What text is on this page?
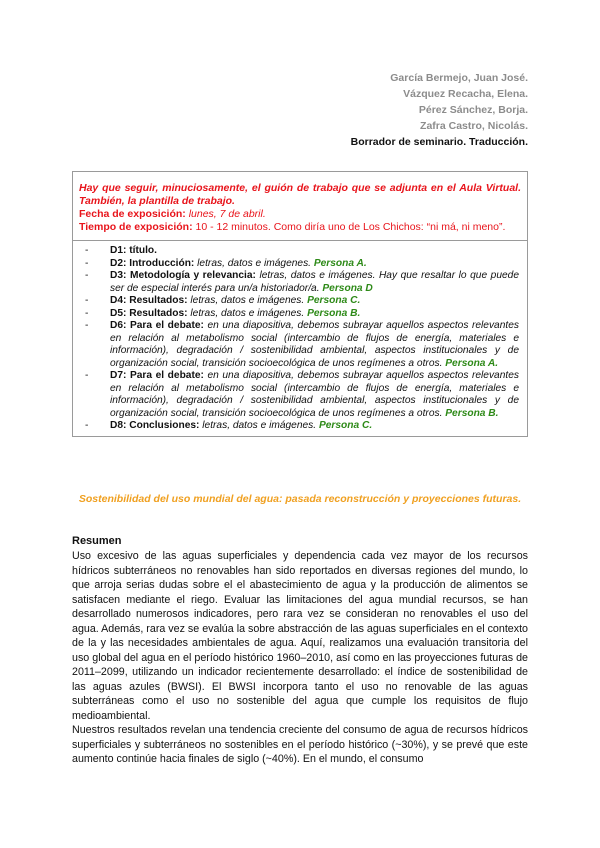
García Bermejo, Juan José.
Vázquez Recacha, Elena.
Pérez Sánchez, Borja.
Zafra Castro, Nicolás.
Borrador de seminario. Traducción.
Hay que seguir, minuciosamente, el guión de trabajo que se adjunta en el Aula Virtual. También, la plantilla de trabajo.
Fecha de exposición: lunes, 7 de abril.
Tiempo de exposición: 10 - 12 minutos. Como diría uno de Los Chichos: “ni má, ni meno”.
-	D1: título.
-	D2: Introducción: letras, datos e imágenes. Persona A.
-	D3: Metodología y relevancia: letras, datos e imágenes. Hay que resaltar lo que puede ser de especial interés para un/a historiador/a. Persona D
-	D4: Resultados: letras, datos e imágenes. Persona C.
-	D5: Resultados: letras, datos e imágenes. Persona B.
-	D6: Para el debate: en una diapositiva, debemos subrayar aquellos aspectos relevantes en relación al metabolismo social (intercambio de flujos de energía, materiales e información), degradación / sostenibilidad ambiental, aspectos institucionales y de organización social, transición socioecológica de unos regímenes a otros. Persona A.
-	D7: Para el debate: en una diapositiva, debemos subrayar aquellos aspectos relevantes en relación al metabolismo social (intercambio de flujos de energía, materiales e información), degradación / sostenibilidad ambiental, aspectos institucionales y de organización social, transición socioecológica de unos regímenes a otros. Persona B.
-	D8: Conclusiones: letras, datos e imágenes. Persona C.
Sostenibilidad del uso mundial del agua: pasada reconstrucción y proyecciones futuras.
Resumen

Uso excesivo de las aguas superficiales y dependencia cada vez mayor de los recursos hídricos subterráneos no renovables han sido reportados en diversas regiones del mundo, lo que arroja serias dudas sobre el el abastecimiento de agua y la producción de alimentos se satisfacen mediante el riego. Evaluar las limitaciones del agua mundial recursos, se han desarrollado numerosos indicadores, pero rara vez se consideran no renovables el uso del agua. Además, rara vez se evalúa la sobre abstracción de las aguas superficiales en el contexto de la y las necesidades ambientales de agua. Aquí, realizamos una evaluación transitoria del uso global del agua en el período histórico 1960–2010, así como en las proyecciones futuras de 2011–2099, utilizando un indicador recientemente desarrollado: el índice de sostenibilidad de las aguas azules (BWSI). El BWSI incorpora tanto el uso no renovable de las aguas subterráneas como el uso no sostenible del agua que cumple los requisitos de flujo medioambiental.

Nuestros resultados revelan una tendencia creciente del consumo de agua de recursos hídricos superficiales y subterráneos no sostenibles en el período histórico (~30%), y se prevé que este aumento continúe hacia finales de siglo (~40%). En el mundo, el consumo
